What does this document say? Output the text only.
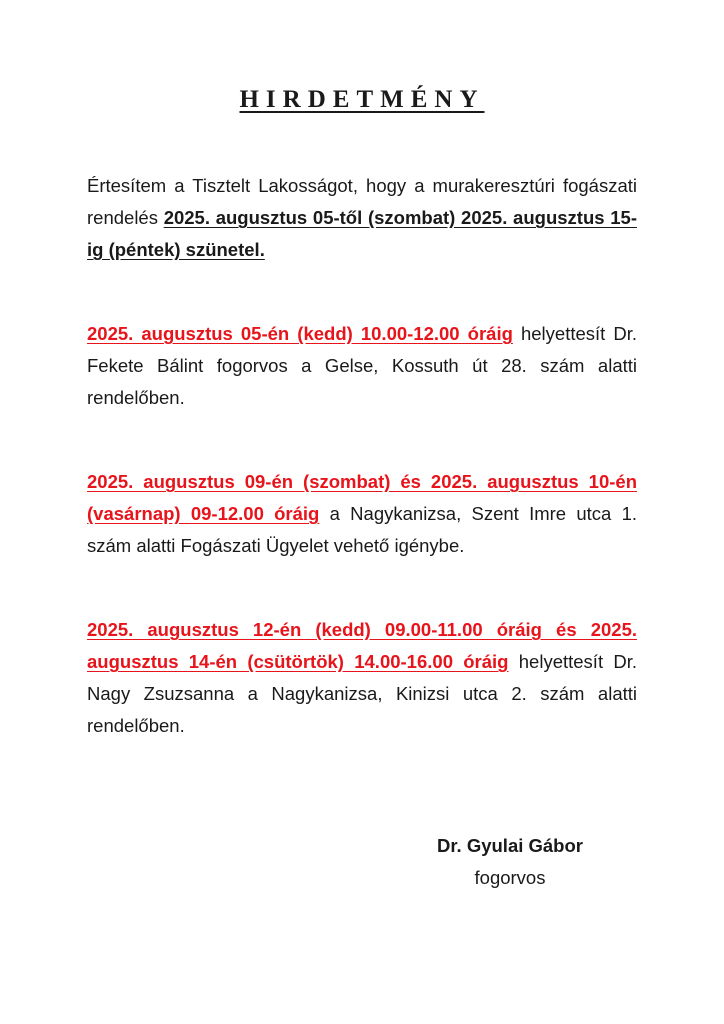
HIRDETMÉNY

Értesítem a Tisztelt Lakosságot, hogy a murakeresztúri fogászati rendelés 2025. augusztus 05-től (szombat) 2025. augusztus 15-ig (péntek) szünetel.

2025. augusztus 05-én (kedd) 10.00-12.00 óráig helyettesít Dr. Fekete Bálint fogorvos a Gelse, Kossuth út 28. szám alatti rendelőben.

2025. augusztus 09-én (szombat) és 2025. augusztus 10-én (vasárnap) 09-12.00 óráig a Nagykanizsa, Szent Imre utca 1. szám alatti Fogászati Ügyelet vehető igénybe.

2025. augusztus 12-én (kedd) 09.00-11.00 óráig és 2025. augusztus 14-én (csütörtök) 14.00-16.00 óráig helyettesít Dr. Nagy Zsuzsanna a Nagykanizsa, Kinizsi utca 2. szám alatti rendelőben.

Dr. Gyulai Gábor
fogorvos
